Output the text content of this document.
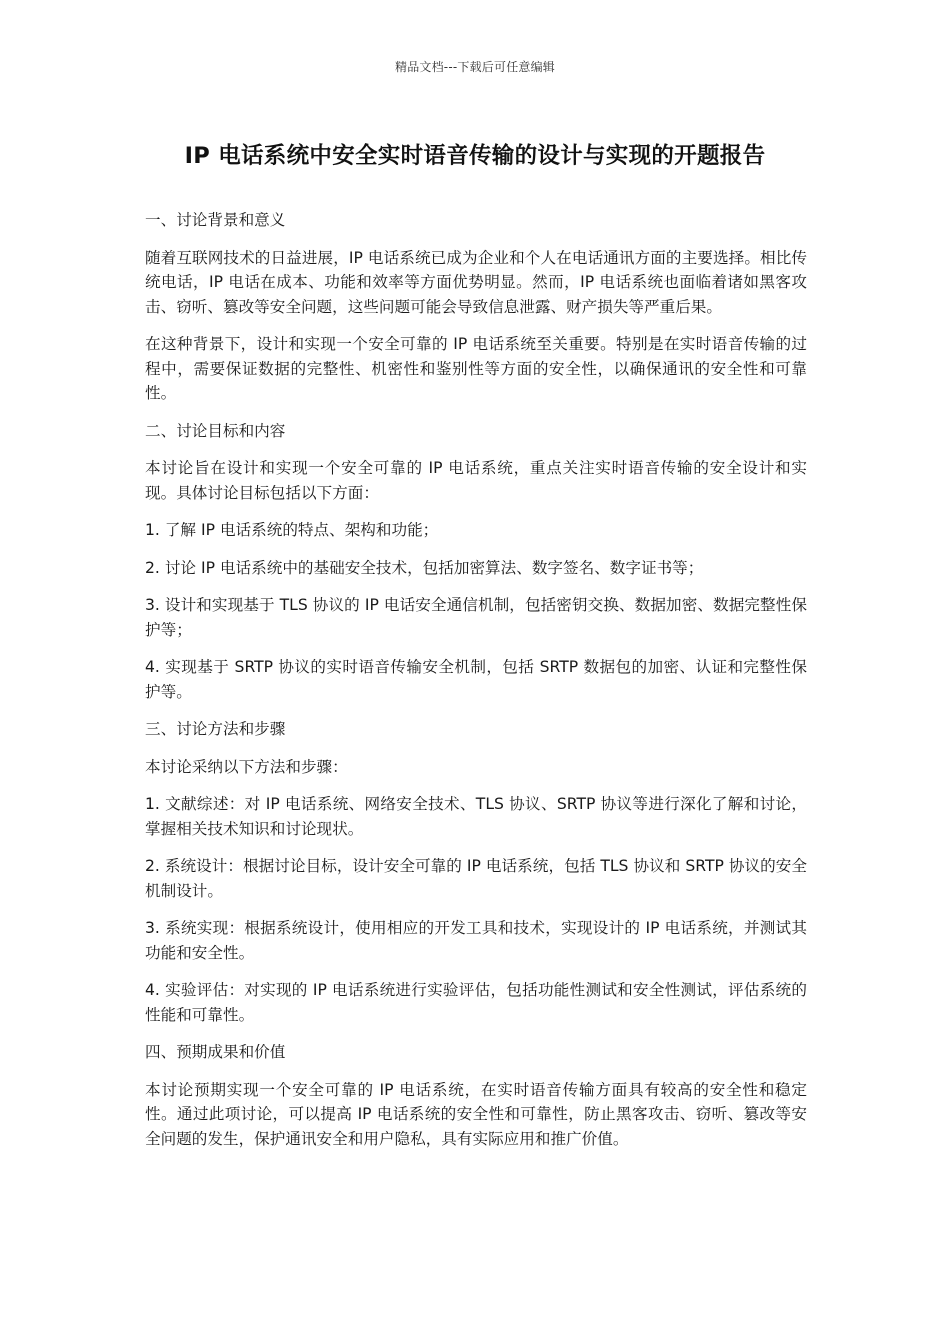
精品文档---下载后可任意编辑
IP 电话系统中安全实时语音传输的设计与实现的开题报告

一、讨论背景和意义

随着互联网技术的日益进展，IP 电话系统已成为企业和个人在电话通讯方面的主要选择。相比传统电话，IP 电话在成本、功能和效率等方面优势明显。然而，IP 电话系统也面临着诸如黑客攻击、窃听、篡改等安全问题，这些问题可能会导致信息泄露、财产损失等严重后果。

在这种背景下，设计和实现一个安全可靠的 IP 电话系统至关重要。特别是在实时语音传输的过程中，需要保证数据的完整性、机密性和鉴别性等方面的安全性，以确保通讯的安全性和可靠性。

二、讨论目标和内容

本讨论旨在设计和实现一个安全可靠的 IP 电话系统，重点关注实时语音传输的安全设计和实现。具体讨论目标包括以下方面：

1. 了解 IP 电话系统的特点、架构和功能；

2. 讨论 IP 电话系统中的基础安全技术，包括加密算法、数字签名、数字证书等；

3. 设计和实现基于 TLS 协议的 IP 电话安全通信机制，包括密钥交换、数据加密、数据完整性保护等；

4. 实现基于 SRTP 协议的实时语音传输安全机制，包括 SRTP 数据包的加密、认证和完整性保护等。

三、讨论方法和步骤

本讨论采纳以下方法和步骤：

1. 文献综述：对 IP 电话系统、网络安全技术、TLS 协议、SRTP 协议等进行深化了解和讨论，掌握相关技术知识和讨论现状。

2. 系统设计：根据讨论目标，设计安全可靠的 IP 电话系统，包括 TLS 协议和 SRTP 协议的安全机制设计。

3. 系统实现：根据系统设计，使用相应的开发工具和技术，实现设计的 IP 电话系统，并测试其功能和安全性。

4. 实验评估：对实现的 IP 电话系统进行实验评估，包括功能性测试和安全性测试，评估系统的性能和可靠性。

四、预期成果和价值

本讨论预期实现一个安全可靠的 IP 电话系统，在实时语音传输方面具有较高的安全性和稳定性。通过此项讨论，可以提高 IP 电话系统的安全性和可靠性，防止黑客攻击、窃听、篡改等安全问题的发生，保护通讯安全和用户隐私，具有实际应用和推广价值。
